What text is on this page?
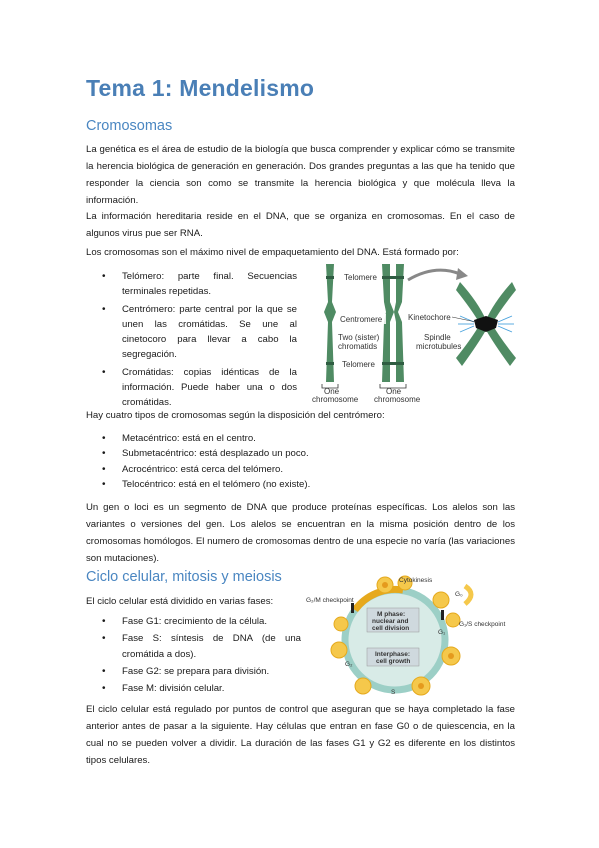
Tema 1: Mendelismo
Cromosomas

La genética es el área de estudio de la biología que busca comprender y explicar cómo se transmite la herencia biológica de generación en generación. Dos grandes preguntas a las que ha tenido que responder la ciencia son como se transmite la herencia biológica y que molécula lleva la información.

La información hereditaria reside en el DNA, que se organiza en cromosomas. En el caso de algunos virus pue ser RNA.

Los cromosomas son el máximo nivel de empaquetamiento del DNA. Está formado por:

• Telómero: parte final. Secuencias terminales repetidas.
• Centrómero: parte central por la que se unen las cromátidas. Se une al cinetocoro para llevar a cabo la segregación.
• Cromátidas: copias idénticas de la información. Puede haber una o dos cromátidas.
Telomere
Centromere
Two (sister)
chromatids
Telomere
One
chromosome
One
chromosome
Kinetochore
Spindle
microtubules

Hay cuatro tipos de cromosomas según la disposición del centrómero:

• Metacéntrico: está en el centro.
• Submetacéntrico: está desplazado un poco.
• Acrocéntrico: está cerca del telómero.
• Telocéntrico: está en el telómero (no existe).

Un gen o loci es un segmento de DNA que produce proteínas específicas. Los alelos son las variantes o versiones del gen. Los alelos se encuentran en la misma posición dentro de los cromosomas homólogos. El numero de cromosomas dentro de una especie no varía (las variaciones son mutaciones).

Ciclo celular, mitosis y meiosis

El ciclo celular está dividido en varias fases:

• Fase G1: crecimiento de la célula.
• Fase S: síntesis de DNA (de una cromátida a dos).
• Fase G2: se prepara para división.
• Fase M: división celular.
M phase:
nuclear and
cell division
Interphase:
cell growth
Cytokinesis
G₂/M checkpoint
G₁/S checkpoint
G₀
G₁
G₂
S

El ciclo celular está regulado por puntos de control que aseguran que se haya completado la fase anterior antes de pasar a la siguiente. Hay células que entran en fase G0 o de quiescencia, en la cual no se pueden volver a dividir. La duración de las fases G1 y G2 es diferente en los distintos tipos celulares.
